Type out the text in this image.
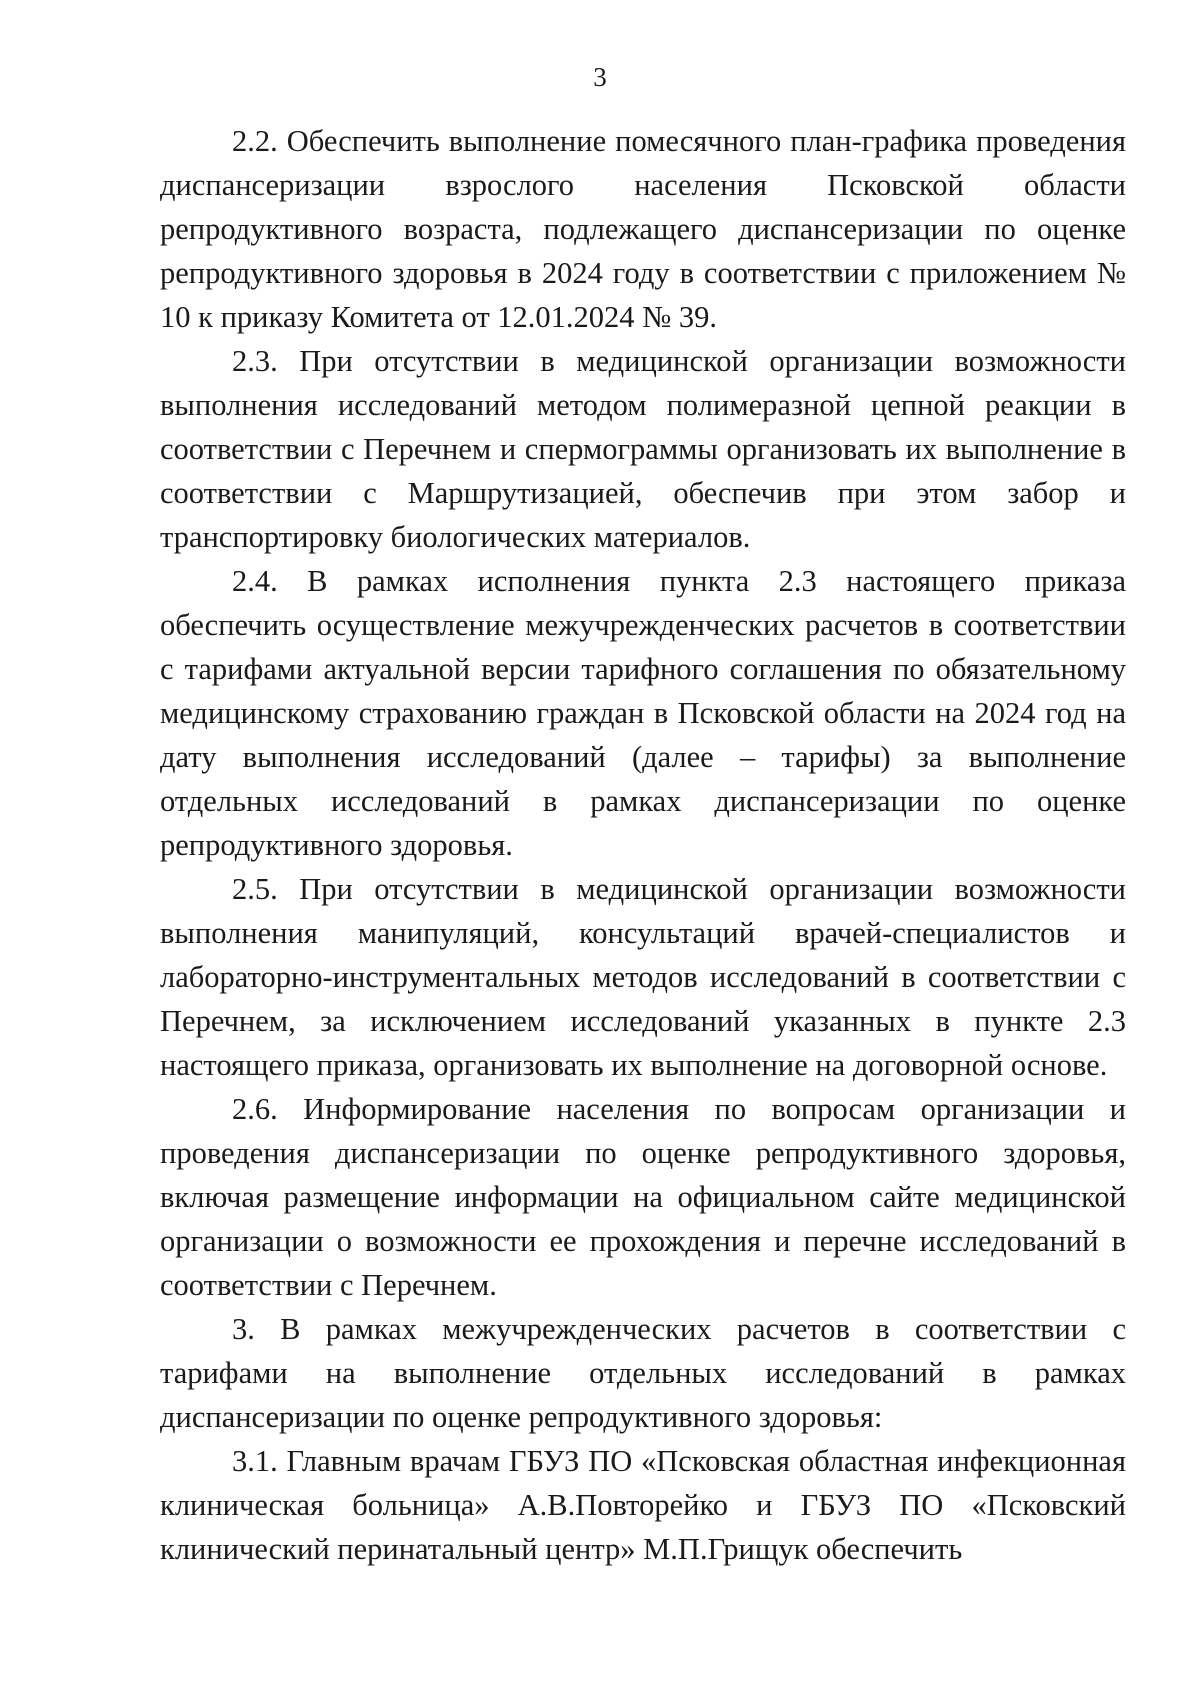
3

2.2. Обеспечить выполнение помесячного план-графика проведения диспансеризации взрослого населения Псковской области репродуктивного возраста, подлежащего диспансеризации по оценке репродуктивного здоровья в 2024 году в соответствии с приложением № 10 к приказу Комитета от 12.01.2024 № 39.

2.3. При отсутствии в медицинской организации возможности выполнения исследований методом полимеразной цепной реакции в соответствии с Перечнем и спермограммы организовать их выполнение в соответствии с Маршрутизацией, обеспечив при этом забор и транспортировку биологических материалов.

2.4. В рамках исполнения пункта 2.3 настоящего приказа обеспечить осуществление межучрежденческих расчетов в соответствии с тарифами актуальной версии тарифного соглашения по обязательному медицинскому страхованию граждан в Псковской области на 2024 год на дату выполнения исследований (далее – тарифы) за выполнение отдельных исследований в рамках диспансеризации по оценке репродуктивного здоровья.

2.5. При отсутствии в медицинской организации возможности выполнения манипуляций, консультаций врачей-специалистов и лабораторно-инструментальных методов исследований в соответствии с Перечнем, за исключением исследований указанных в пункте 2.3 настоящего приказа, организовать их выполнение на договорной основе.

2.6. Информирование населения по вопросам организации и проведения диспансеризации по оценке репродуктивного здоровья, включая размещение информации на официальном сайте медицинской организации о возможности ее прохождения и перечне исследований в соответствии с Перечнем.

3. В рамках межучрежденческих расчетов в соответствии с тарифами на выполнение отдельных исследований в рамках диспансеризации по оценке репродуктивного здоровья:

3.1. Главным врачам ГБУЗ ПО «Псковская областная инфекционная клиническая больница» А.В.Повторейко и ГБУЗ ПО «Псковский клинический перинатальный центр» М.П.Грищук обеспечить
